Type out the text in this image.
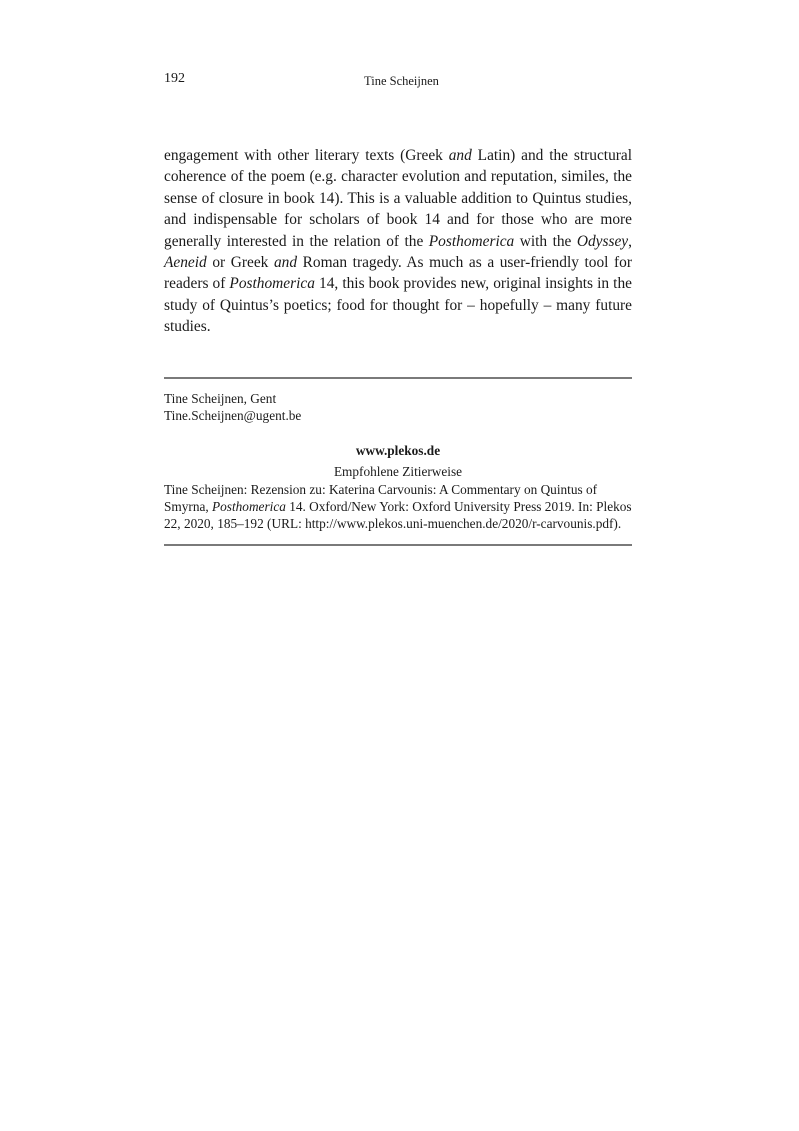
192	Tine Scheijnen

engagement with other literary texts (Greek and Latin) and the structural coherence of the poem (e.g. character evolution and reputation, similes, the sense of closure in book 14). This is a valuable addition to Quintus studies, and indispensable for scholars of book 14 and for those who are more generally interested in the relation of the Posthomerica with the Odyssey, Aeneid or Greek and Roman tragedy. As much as a user-friendly tool for readers of Posthomerica 14, this book provides new, original insights in the study of Quintus’s poetics; food for thought for – hopefully – many future studies.

Tine Scheijnen, Gent
Tine.Scheijnen@ugent.be
www.plekos.de
Empfohlene Zitierweise
Tine Scheijnen: Rezension zu: Katerina Carvounis: A Commentary on Quintus of Smyrna, Posthomerica 14. Oxford/New York: Oxford University Press 2019. In: Plekos 22, 2020, 185–192 (URL: http://www.plekos.uni-muenchen.de/2020/r-carvounis.pdf).
